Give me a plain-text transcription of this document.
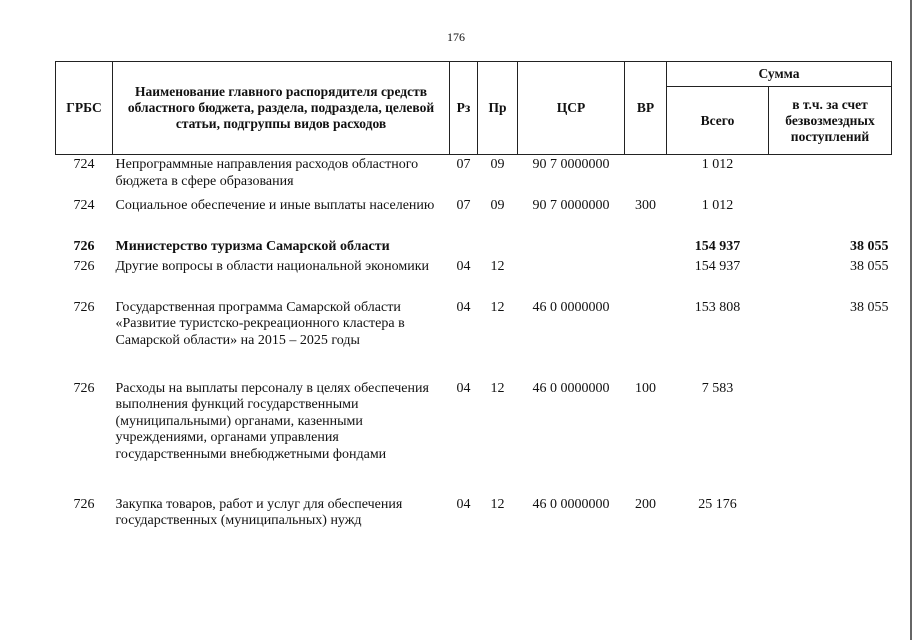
176
ГРБС	Наименование главного распорядителя средств областного бюджета, раздела, подраздела, целевой статьи, подгруппы видов расходов	Рз	Пр	ЦСР	ВР	Сумма	
						Всего	в т.ч. за счет безвозмездных поступлений
724	Непрограммные направления расходов областного бюджета в сфере образования	07	09	90 7 0000000		1 012	
724	Социальное обеспечение и иные выплаты населению	07	09	90 7 0000000	300	1 012	
726	Министерство туризма Самарской области					154 937	38 055
726	Другие вопросы в области национальной экономики	04	12			154 937	38 055
726	Государственная программа Самарской области «Развитие туристско-рекреационного кластера в Самарской области» на 2015 – 2025 годы	04	12	46 0 0000000		153 808	38 055
726	Расходы на выплаты персоналу в целях обеспечения выполнения функций государственными (муниципальными) органами, казенными учреждениями, органами управления государственными внебюджетными фондами	04	12	46 0 0000000	100	7 583	
726	Закупка товаров, работ и услуг для обеспечения государственных (муниципальных) нужд	04	12	46 0 0000000	200	25 176	
